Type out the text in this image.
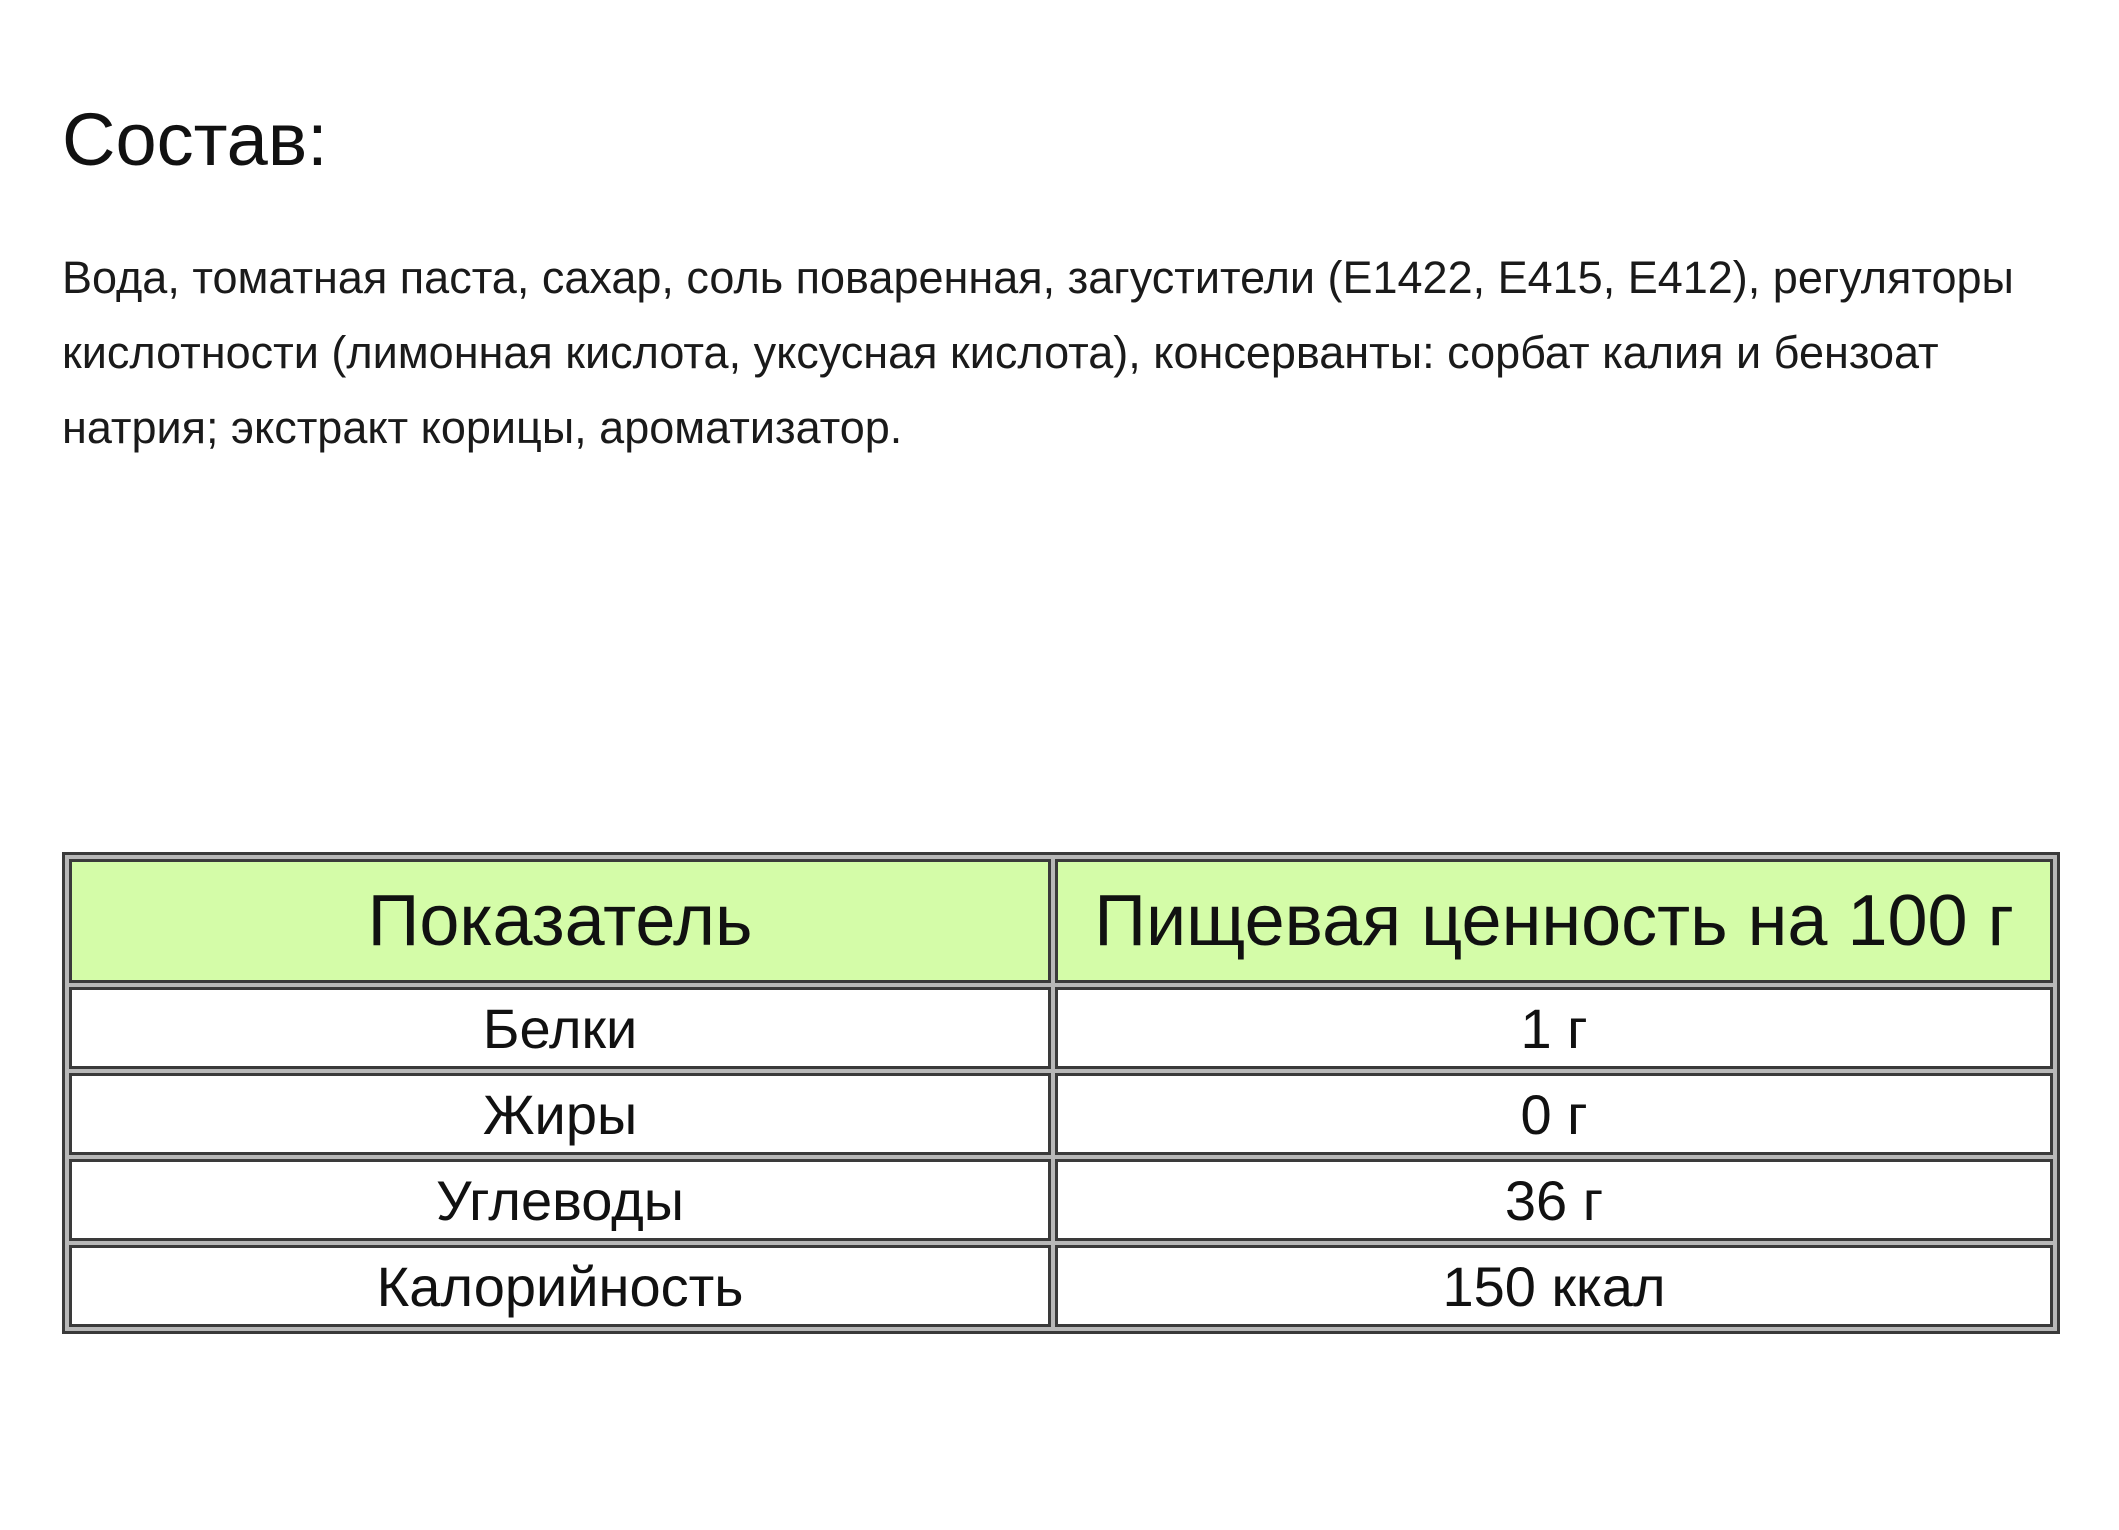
Состав:

Вода, томатная паста, сахар, соль поваренная, загустители (Е1422, Е415, Е412), регуляторы кислотности (лимонная кислота, уксусная кислота), консерванты: сорбат калия и бензоат натрия; экстракт корицы, ароматизатор.

Показатель	Пищевая ценность на 100 г
Белки	1 г
Жиры	0 г
Углеводы	36 г
Калорийность	150 ккал
